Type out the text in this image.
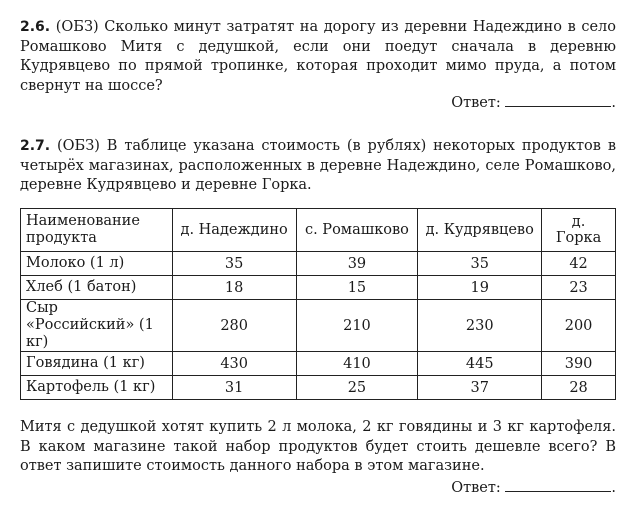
2.6. (ОБЗ) Сколько минут затратят на дорогу из деревни Надеждино в село Ромашково Митя с дедушкой, если они поедут сначала в деревню Кудрявцево по прямой тропинке, которая проходит мимо пруда, а потом свернут на шоссе?
Ответ:	.
2.7. (ОБЗ) В таблице указана стоимость (в рублях) некоторых продуктов в четырёх магазинах, расположенных в деревне Надеждино, селе Ромашково, деревне Кудрявцево и деревне Горка.
Наименование продукта	д. Надеждино	с. Ромашково	д. Кудрявцево	д. Горка
Молоко (1 л)	35	39	35	42
Хлеб (1 батон)	18	15	19	23
Сыр «Российский» (1 кг)	280	210	230	200
Говядина (1 кг)	430	410	445	390
Картофель (1 кг)	31	25	37	28
Митя с дедушкой хотят купить 2 л молока, 2 кг говядины и 3 кг картофеля. В каком магазине такой набор продуктов будет стоить дешевле всего? В ответ запишите стоимость данного набора в этом магазине.
Ответ:	.
